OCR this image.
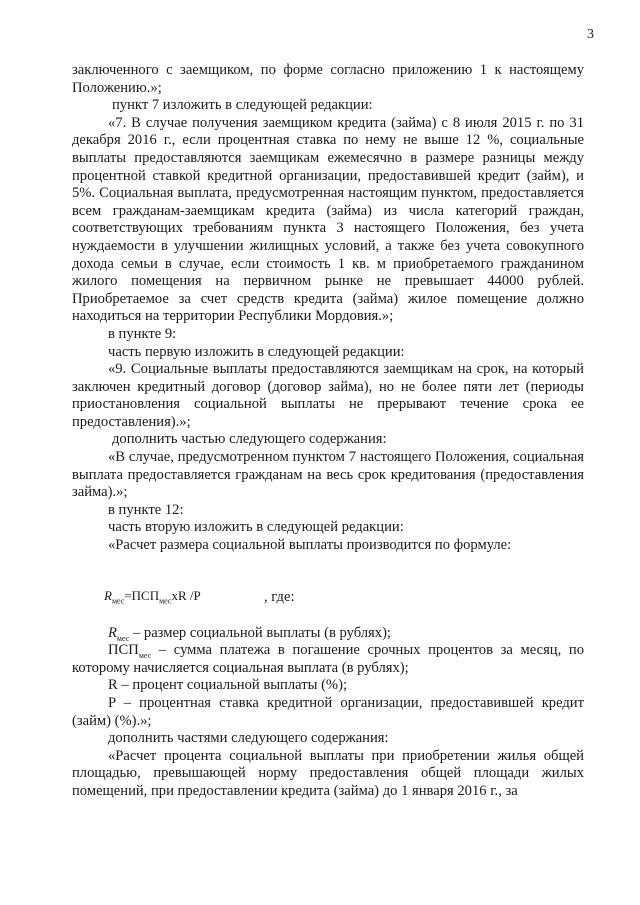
3

заключенного с заемщиком, по форме согласно приложению 1 к настоящему Положению.»;

пункт 7 изложить в следующей редакции:

«7. В случае получения заемщиком кредита (займа) с 8 июля 2015 г. по 31 декабря 2016 г., если процентная ставка по нему не выше 12 %, социальные выплаты предоставляются заемщикам ежемесячно в размере разницы между процентной ставкой кредитной организации, предоставившей кредит (займ), и 5%. Социальная выплата, предусмотренная настоящим пунктом, предоставляется всем гражданам-заемщикам кредита (займа) из числа категорий граждан, соответствующих требованиям пункта 3 настоящего Положения, без учета нуждаемости в улучшении жилищных условий, а также без учета совокупного дохода семьи в случае, если стоимость 1 кв. м приобретаемого гражданином жилого помещения на первичном рынке не превышает 44000 рублей. Приобретаемое за счет средств кредита (займа) жилое помещение должно находиться на территории Республики Мордовия.»;

в пункте 9:

часть первую изложить в следующей редакции:

«9. Социальные выплаты предоставляются заемщикам на срок, на который заключен кредитный договор (договор займа), но не более пяти лет (периоды приостановления социальной выплаты не прерывают течение срока ее предоставления).»;

дополнить частью следующего содержания:

«В случае, предусмотренном пунктом 7 настоящего Положения, социальная выплата предоставляется гражданам на весь срок кредитования (предоставления займа).»;

в пункте 12:

часть вторую изложить в следующей редакции:

«Расчет размера социальной выплаты производится по формуле:

$R_{мес}=ПСП_{мес}xR$ /P	, где:

$R_{мес}$ – размер социальной выплаты (в рублях);

$ПСП_{мес}$ – сумма платежа в погашение срочных процентов за месяц, по которому начисляется социальная выплата (в рублях);

R – процент социальной выплаты (%);

P – процентная ставка кредитной организации, предоставившей кредит (займ) (%).»;

дополнить частями следующего содержания:

«Расчет процента социальной выплаты при приобретении жилья общей площадью, превышающей норму предоставления общей площади жилых помещений, при предоставлении кредита (займа) до 1 января 2016 г., за
